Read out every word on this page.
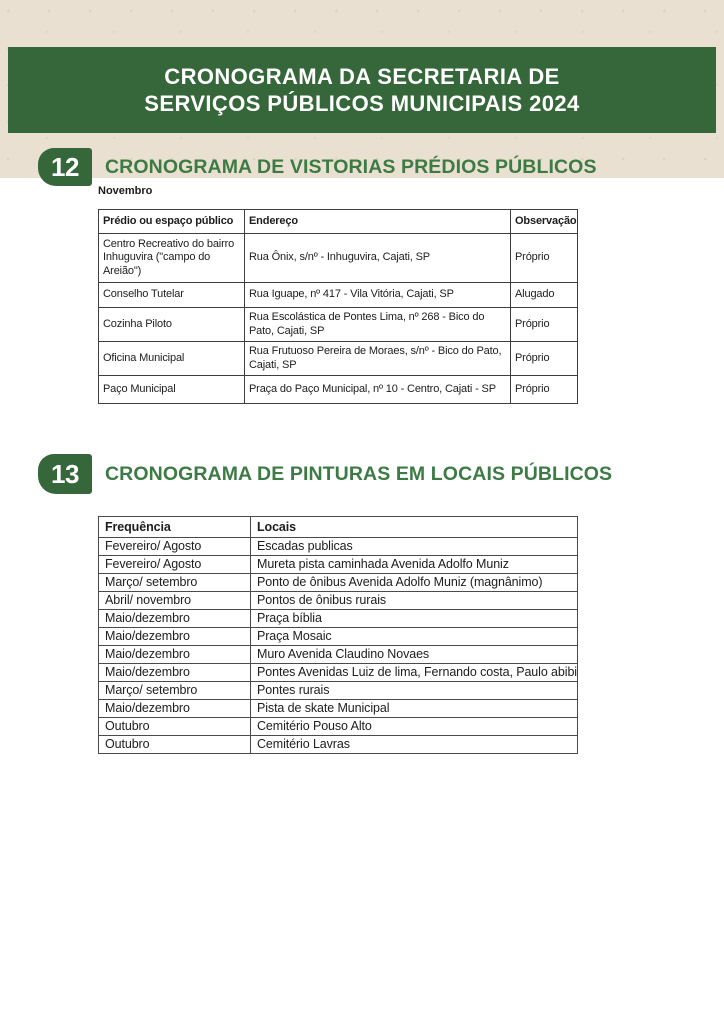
CRONOGRAMA DA SECRETARIA DE
SERVIÇOS PÚBLICOS MUNICIPAIS 2024
12 CRONOGRAMA DE VISTORIAS PRÉDIOS PÚBLICOS
Novembro
Prédio ou espaço público	Endereço	Observação
Centro Recreativo do bairro Inhuguvira ("campo do Areião")	Rua Ônix, s/nº - Inhuguvira, Cajati, SP	Próprio
Conselho Tutelar	Rua Iguape, nº 417 - Vila Vitória, Cajati, SP	Alugado
Cozinha Piloto	Rua Escolástica de Pontes Lima, nº 268 - Bico do Pato, Cajati, SP	Próprio
Oficina Municipal	Rua Frutuoso Pereira de Moraes, s/nº - Bico do Pato, Cajati, SP	Próprio
Paço Municipal	Praça do Paço Municipal, nº 10 - Centro, Cajati - SP	Próprio
13 CRONOGRAMA DE PINTURAS EM LOCAIS PÚBLICOS
Frequência	Locais
Fevereiro/ Agosto	Escadas publicas
Fevereiro/ Agosto	Mureta pista caminhada Avenida Adolfo Muniz
Março/ setembro	Ponto de ônibus Avenida Adolfo Muniz (magnânimo)
Abril/ novembro	Pontos de ônibus rurais
Maio/dezembro	Praça bíblia
Maio/dezembro	Praça Mosaic
Maio/dezembro	Muro Avenida Claudino Novaes
Maio/dezembro	Pontes Avenidas Luiz de lima, Fernando costa, Paulo abibi
Março/ setembro	Pontes rurais
Maio/dezembro	Pista de skate Municipal
Outubro	Cemitério Pouso Alto
Outubro	Cemitério Lavras
